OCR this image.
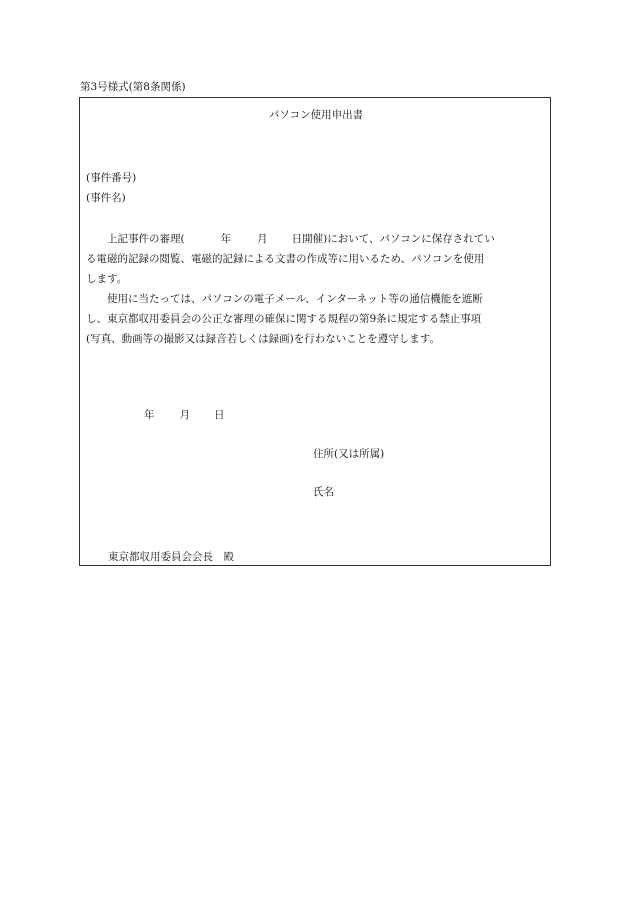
第3号様式(第8条関係)
パソコン使用申出書
(事件番号)
(事件名)
上記事件の審理(	年 月 日開催)において、パソコンに保存されてい
る電磁的記録の閲覧、電磁的記録による文書の作成等に用いるため、パソコンを使用
します。
使用に当たっては、パソコンの電子メール、インターネット等の通信機能を遮断
し、東京都収用委員会の公正な審理の確保に関する規程の第9条に規定する禁止事項
(写真、動画等の撮影又は録音若しくは録画)を行わないことを遵守します。
年 月 日
住所(又は所属)
氏名
東京都収用委員会会長　殿
